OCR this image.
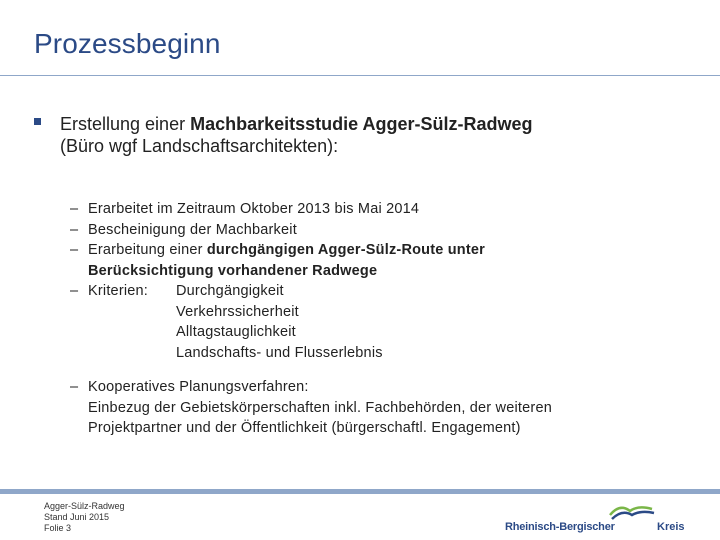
Prozessbeginn
Erstellung einer Machbarkeitsstudie Agger-Sülz-Radweg
(Büro wgf Landschaftsarchitekten):
– Erarbeitet im Zeitraum Oktober 2013 bis Mai 2014
– Bescheinigung der Machbarkeit
– Erarbeitung einer durchgängigen Agger-Sülz-Route unter
Berücksichtigung vorhandener Radwege
– Kriterien:	Durchgängigkeit
Verkehrssicherheit
Alltagstauglichkeit
Landschafts- und Flusserlebnis
– Kooperatives Planungsverfahren:
Einbezug der Gebietskörperschaften inkl. Fachbehörden, der weiteren
Projektpartner und der Öffentlichkeit (bürgerschaftl. Engagement)
Agger-Sülz-Radweg
Stand Juni 2015
Folie 3	Rheinisch-Bergischer	Kreis
